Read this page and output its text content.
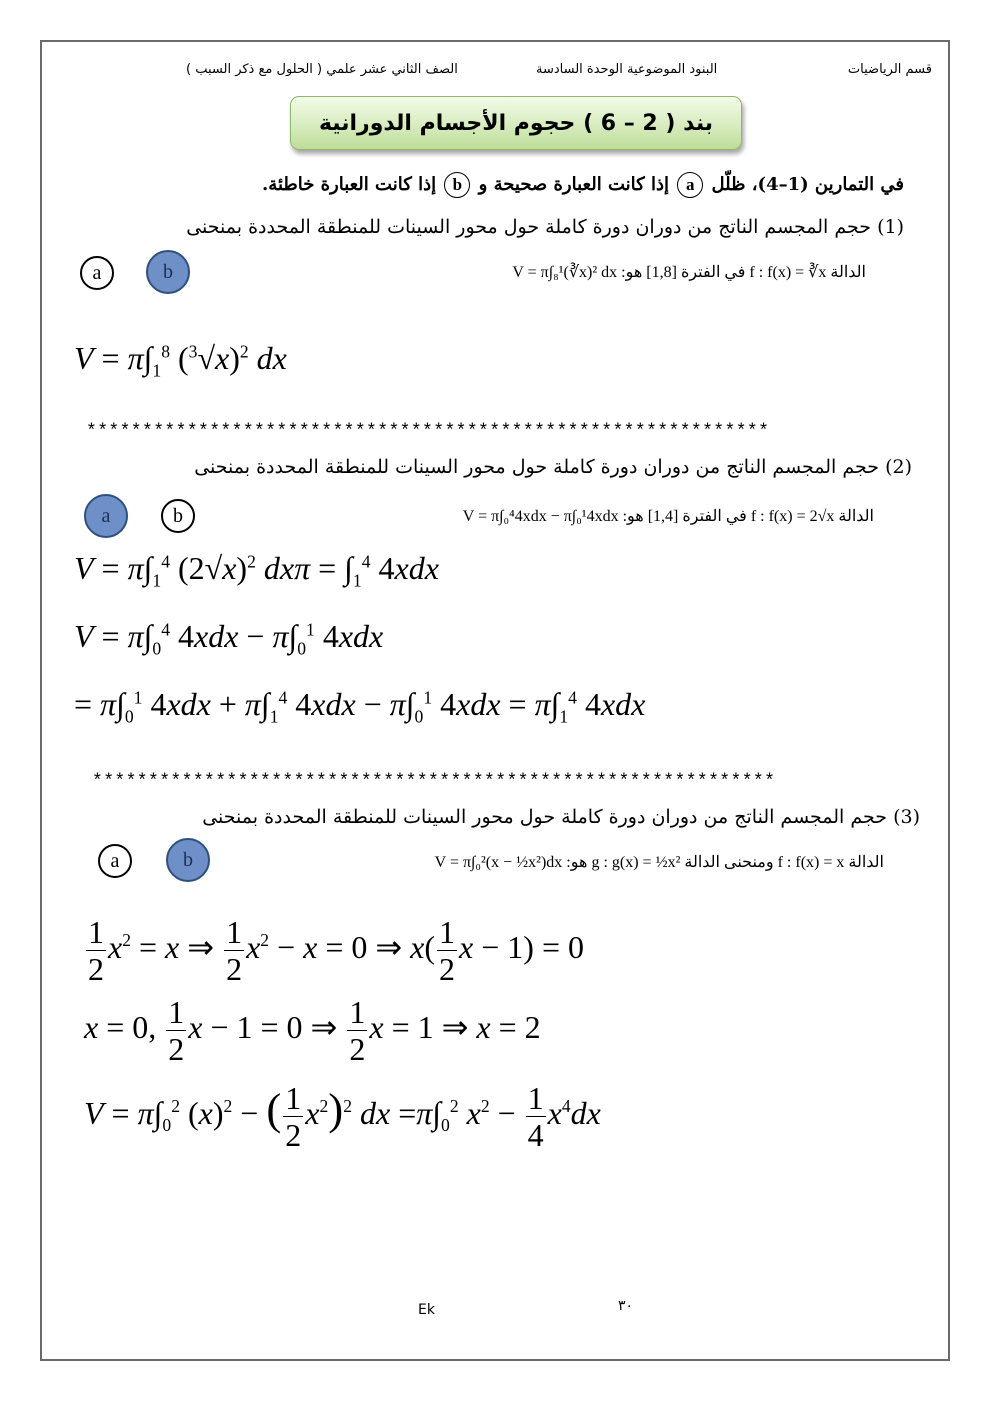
قسم الرياضيات
البنود الموضوعية الوحدة السادسة
الصف الثاني عشر علمي ( الحلول مع ذكر السبب )
بند ( 2 – 6 ) حجوم الأجسام الدورانية
في التمارين (1–4)، ظلّل a إذا كانت العبارة صحيحة و b إذا كانت العبارة خاطئة.
(1) حجم المجسم الناتج من دوران دورة كاملة حول محور السينات للمنطقة المحددة بمنحنى
a	b	الدالة f : f(x) = ∛x في الفترة [1,8] هو: V = π∫₈¹(∛x)² dx
$V = \pi\int_1^8$ $(^3√x)^2$ dx
*************************************************************
(2) حجم المجسم الناتج من دوران دورة كاملة حول محور السينات للمنطقة المحددة بمنحنى
a	b	الدالة f : f(x) = 2√x في الفترة [1,4] هو: V = π∫₀⁴4xdx − π∫₀¹4xdx
$V = \pi\int_1^4$ $(2√x)^2$ $dx\pi = \int_1^4$ 4xdx
$V = \pi\int_0^4$ $4xdx - \pi\int_0^1$ 4xdx
= $\pi\int_0^1$ $4xdx + \pi\int_1^4$ $4xdx - \pi\int_0^1$ $4xdx = \pi\int_1^4$ 4xdx
*************************************************************
(3) حجم المجسم الناتج من دوران دورة كاملة حول محور السينات للمنطقة المحددة بمنحنى
a	b	الدالة f : f(x) = x ومنحنى الدالة g : g(x) = ½x² هو: V = π∫₀²(x − ½x²)dx
$\frac{1}{2} x^2 = x$ ⇒ $\frac{1}{2} x^2 - x = 0$ ⇒ $x( \frac{1}{2}$ x − 1) = 0
x = 0, $\frac{1}{2}$ x − 1 = 0 ⇒ $\frac{1}{2}$ x = 1 ⇒ x = 2
$V = \pi\int_0^2$ $(x)^2$ − ( $\frac{1}{2} x^2)^2$ dx $=\pi\int_0^2$ $x^2 - \frac{1}{4} x^4dx$
Ek	٣٠
